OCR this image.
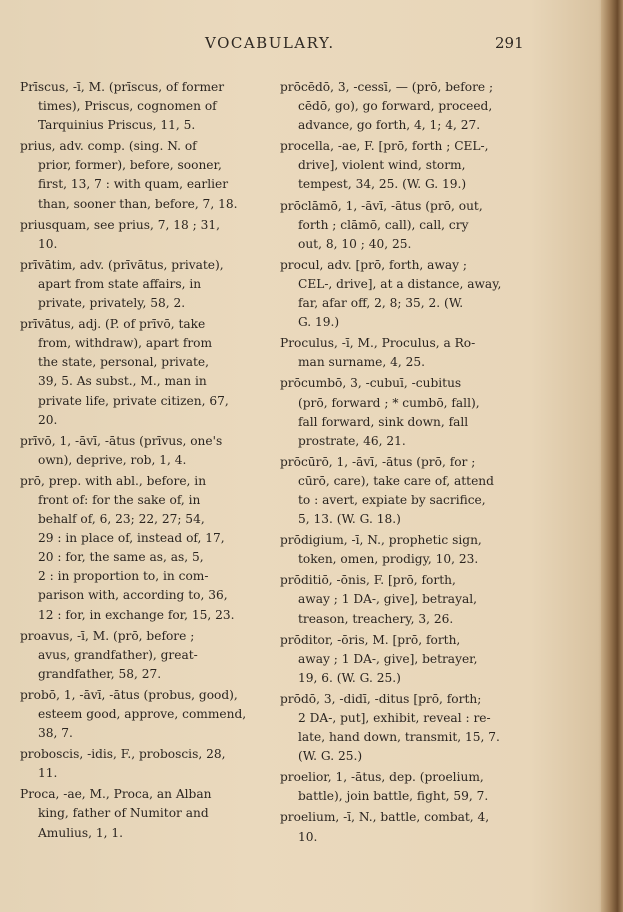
VOCABULARY.	291
Prīscus, -ī, M. (prīscus, of former
times), Priscus, cognomen of
Tarquinius Priscus, 11, 5.
prius, adv. comp. (sing. N. of
prior, former), before, sooner,
first, 13, 7 : with quam, earlier
than, sooner than, before, 7, 18.
priusquam, see prius, 7, 18 ; 31,
10.
prīvātim, adv. (prīvātus, private),
apart from state affairs, in
private, privately, 58, 2.
prīvātus, adj. (P. of prīvō, take
from, withdraw), apart from
the state, personal, private,
39, 5. As subst., M., man in
private life, private citizen, 67,
20.
prīvō, 1, -āvī, -ātus (prīvus, one's
own), deprive, rob, 1, 4.
prō, prep. with abl., before, in
front of: for the sake of, in
behalf of, 6, 23; 22, 27; 54,
29 : in place of, instead of, 17,
20 : for, the same as, as, 5,
2 : in proportion to, in com-
parison with, according to, 36,
12 : for, in exchange for, 15, 23.
proavus, -ī, M. (prō, before ;
avus, grandfather), great-
grandfather, 58, 27.
probō, 1, -āvī, -ātus (probus, good),
esteem good, approve, commend,
38, 7.
proboscis, -idis, F., proboscis, 28,
11.
Proca, -ae, M., Proca, an Alban
king, father of Numitor and
Amulius, 1, 1.
prōcēdō, 3, -cessī, — (prō, before ;
cēdō, go), go forward, proceed,
advance, go forth, 4, 1; 4, 27.
procella, -ae, F. [prō, forth ; CEL-,
drive], violent wind, storm,
tempest, 34, 25. (W. G. 19.)
prōclāmō, 1, -āvī, -ātus (prō, out,
forth ; clāmō, call), call, cry
out, 8, 10 ; 40, 25.
procul, adv. [prō, forth, away ;
CEL-, drive], at a distance, away,
far, afar off, 2, 8; 35, 2. (W.
G. 19.)
Proculus, -ī, M., Proculus, a Ro-
man surname, 4, 25.
prōcumbō, 3, -cubuī, -cubitus
(prō, forward ; * cumbō, fall),
fall forward, sink down, fall
prostrate, 46, 21.
prōcūrō, 1, -āvī, -ātus (prō, for ;
cūrō, care), take care of, attend
to : avert, expiate by sacrifice,
5, 13. (W. G. 18.)
prōdigium, -ī, N., prophetic sign,
token, omen, prodigy, 10, 23.
prōditiō, -ōnis, F. [prō, forth,
away ; 1 DA-, give], betrayal,
treason, treachery, 3, 26.
prōditor, -ōris, M. [prō, forth,
away ; 1 DA-, give], betrayer,
19, 6. (W. G. 25.)
prōdō, 3, -didī, -ditus [prō, forth;
2 DA-, put], exhibit, reveal : re-
late, hand down, transmit, 15, 7.
(W. G. 25.)
proelior, 1, -ātus, dep. (proelium,
battle), join battle, fight, 59, 7.
proelium, -ī, N., battle, combat, 4,
10.
